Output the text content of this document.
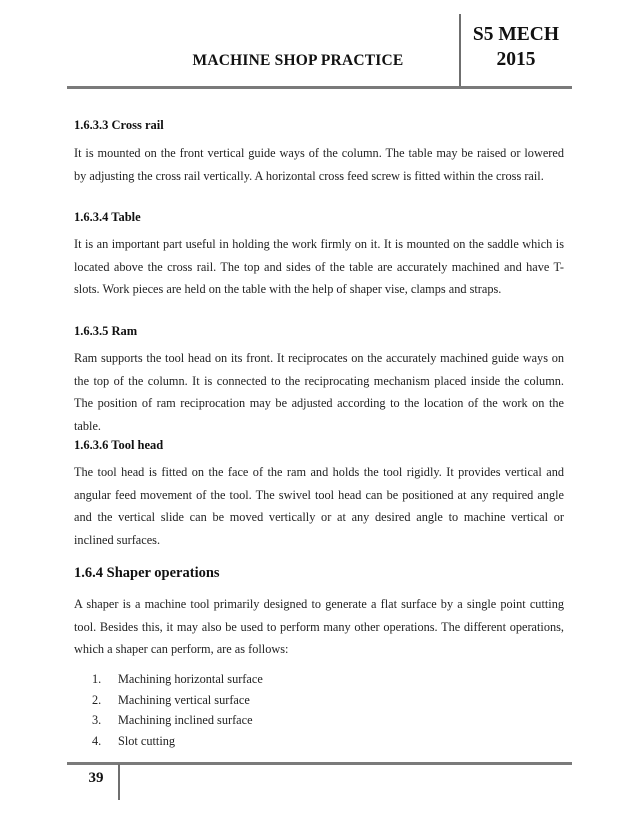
MACHINE SHOP PRACTICE
S5 MECH
2015
1.6.3.3 Cross rail
It is mounted on the front vertical guide ways of the column. The table may be raised or lowered by adjusting the cross rail vertically. A horizontal cross feed screw is fitted within the cross rail.
1.6.3.4 Table
It is an important part useful in holding the work firmly on it. It is mounted on the saddle which is located above the cross rail. The top and sides of the table are accurately machined and have T-slots. Work pieces are held on the table with the help of shaper vise, clamps and straps.
1.6.3.5 Ram
Ram supports the tool head on its front. It reciprocates on the accurately machined guide ways on the top of the column. It is connected to the reciprocating mechanism placed inside the column. The position of ram reciprocation may be adjusted according to the location of the work on the table.
1.6.3.6 Tool head
The tool head is fitted on the face of the ram and holds the tool rigidly. It provides vertical and angular feed movement of the tool. The swivel tool head can be positioned at any required angle and the vertical slide can be moved vertically or at any desired angle to machine vertical or inclined surfaces.
1.6.4 Shaper operations
A shaper is a machine tool primarily designed to generate a flat surface by a single point cutting tool. Besides this, it may also be used to perform many other operations. The different operations, which a shaper can perform, are as follows:
1.	Machining horizontal surface
2.	Machining vertical surface
3.	Machining inclined surface
4.	Slot cutting
39
